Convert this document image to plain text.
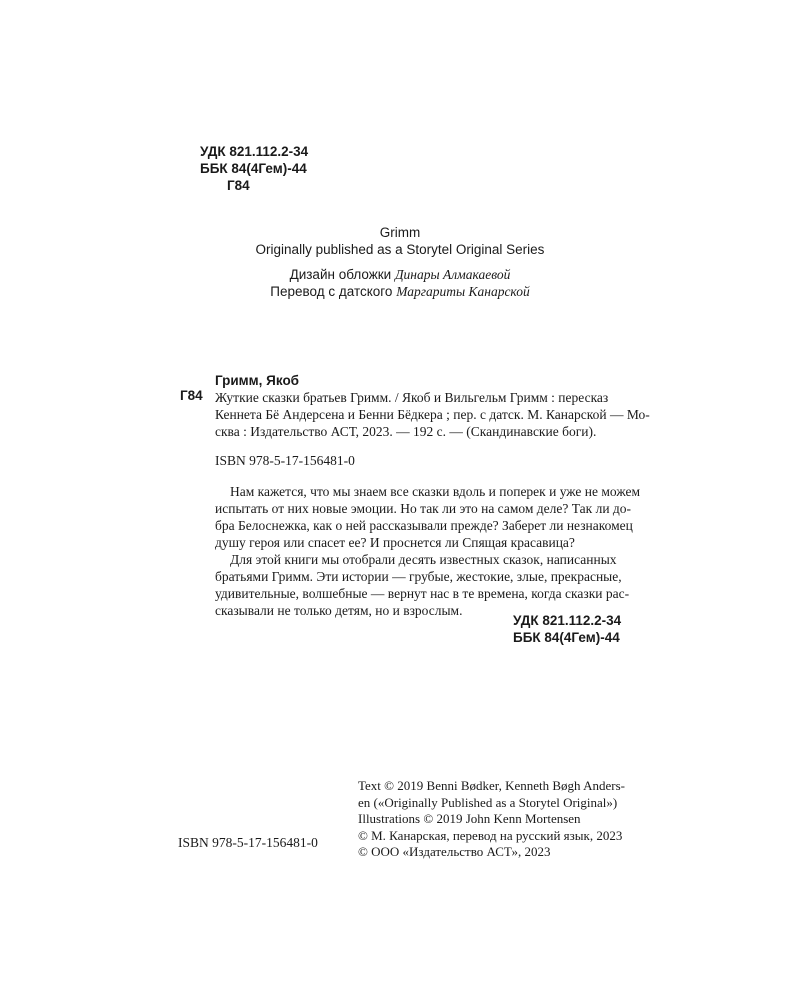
УДК 821.112.2-34
ББК 84(4Гем)-44
Г84
Grimm
Originally published as a Storytel Original Series
Дизайн обложки Динары Алмакаевой
Перевод с датского Маргариты Канарской
Г84
Гримм, Якоб
Жуткие сказки братьев Гримм. / Якоб и Вильгельм Гримм : пересказ
Кеннета Бё Андерсена и Бенни Бёдкера ; пер. с датск. М. Канарской — Мо-
сква : Издательство АСТ, 2023. — 192 с. — (Скандинавские боги).
ISBN 978-5-17-156481-0
Нам кажется, что мы знаем все сказки вдоль и поперек и уже не можем
испытать от них новые эмоции. Но так ли это на самом деле? Так ли до-
бра Белоснежка, как о ней рассказывали прежде? Заберет ли незнакомец
душу героя или спасет ее? И проснется ли Спящая красавица?
Для этой книги мы отобрали десять известных сказок, написанных
братьями Гримм. Эти истории — грубые, жестокие, злые, прекрасные,
удивительные, волшебные — вернут нас в те времена, когда сказки рас-
сказывали не только детям, но и взрослым.
УДК 821.112.2-34
ББК 84(4Гем)-44
ISBN 978-5-17-156481-0
Text © 2019 Benni Bødker, Kenneth Bøgh Anders-
en («Originally Published as a Storytel Original»)
Illustrations © 2019 John Kenn Mortensen
© М. Канарская, перевод на русский язык, 2023
© ООО «Издательство АСТ», 2023
